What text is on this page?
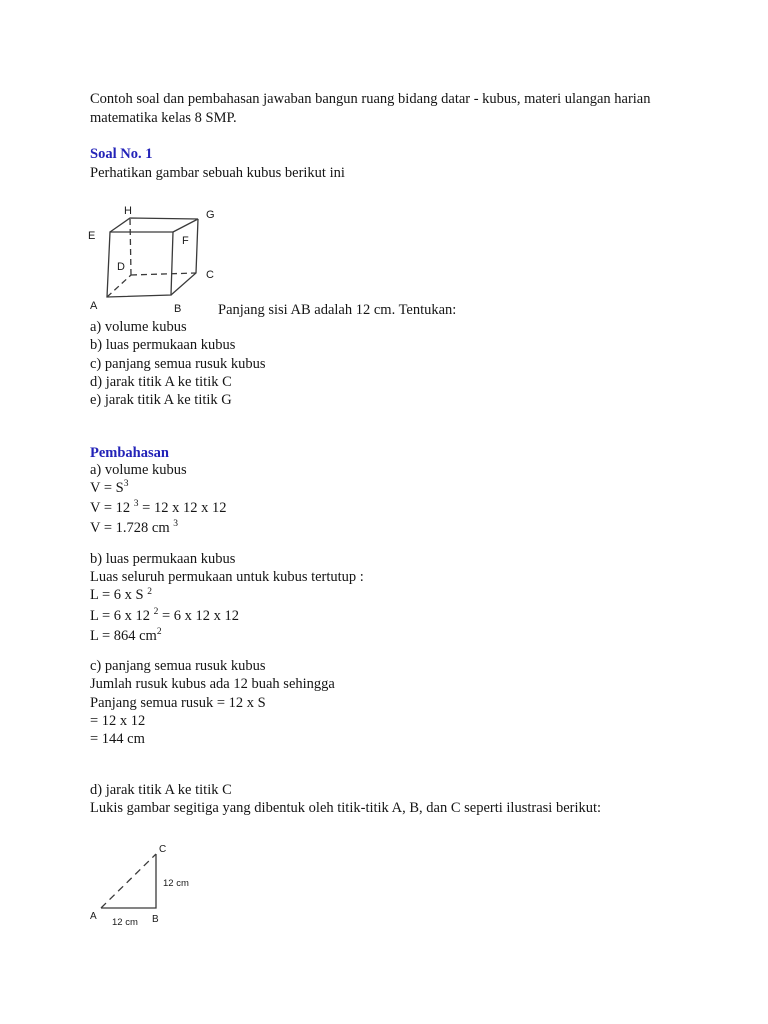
Contoh soal dan pembahasan jawaban bangun ruang bidang datar - kubus, materi ulangan harian matematika kelas 8 SMP.
Soal No. 1
Perhatikan gambar sebuah kubus berikut ini
H	G
E	F
D
C
A	B	Panjang sisi AB adalah 12 cm. Tentukan:

a) volume kubus

b) luas permukaan kubus

c) panjang semua rusuk kubus

d) jarak titik A ke titik C

e) jarak titik A ke titik G

Pembahasan

a) volume kubus

$V = S^3$

V = 12 $^3$ = 12 x 12 x 12

V = 1.728 cm $^3$

b) luas permukaan kubus

Luas seluruh permukaan untuk kubus tertutup :

L = 6 x S $^2$

L = 6 x 12 $^2$ = 6 x 12 x 12

L = 864 $cm^2$

c) panjang semua rusuk kubus

Jumlah rusuk kubus ada 12 buah sehingga

Panjang semua rusuk = 12 x S

= 12 x 12

= 144 cm

d) jarak titik A ke titik C

Lukis gambar segitiga yang dibentuk oleh titik-titik A, B, dan C seperti ilustrasi berikut:

C
A	B
12 cm
12 cm
